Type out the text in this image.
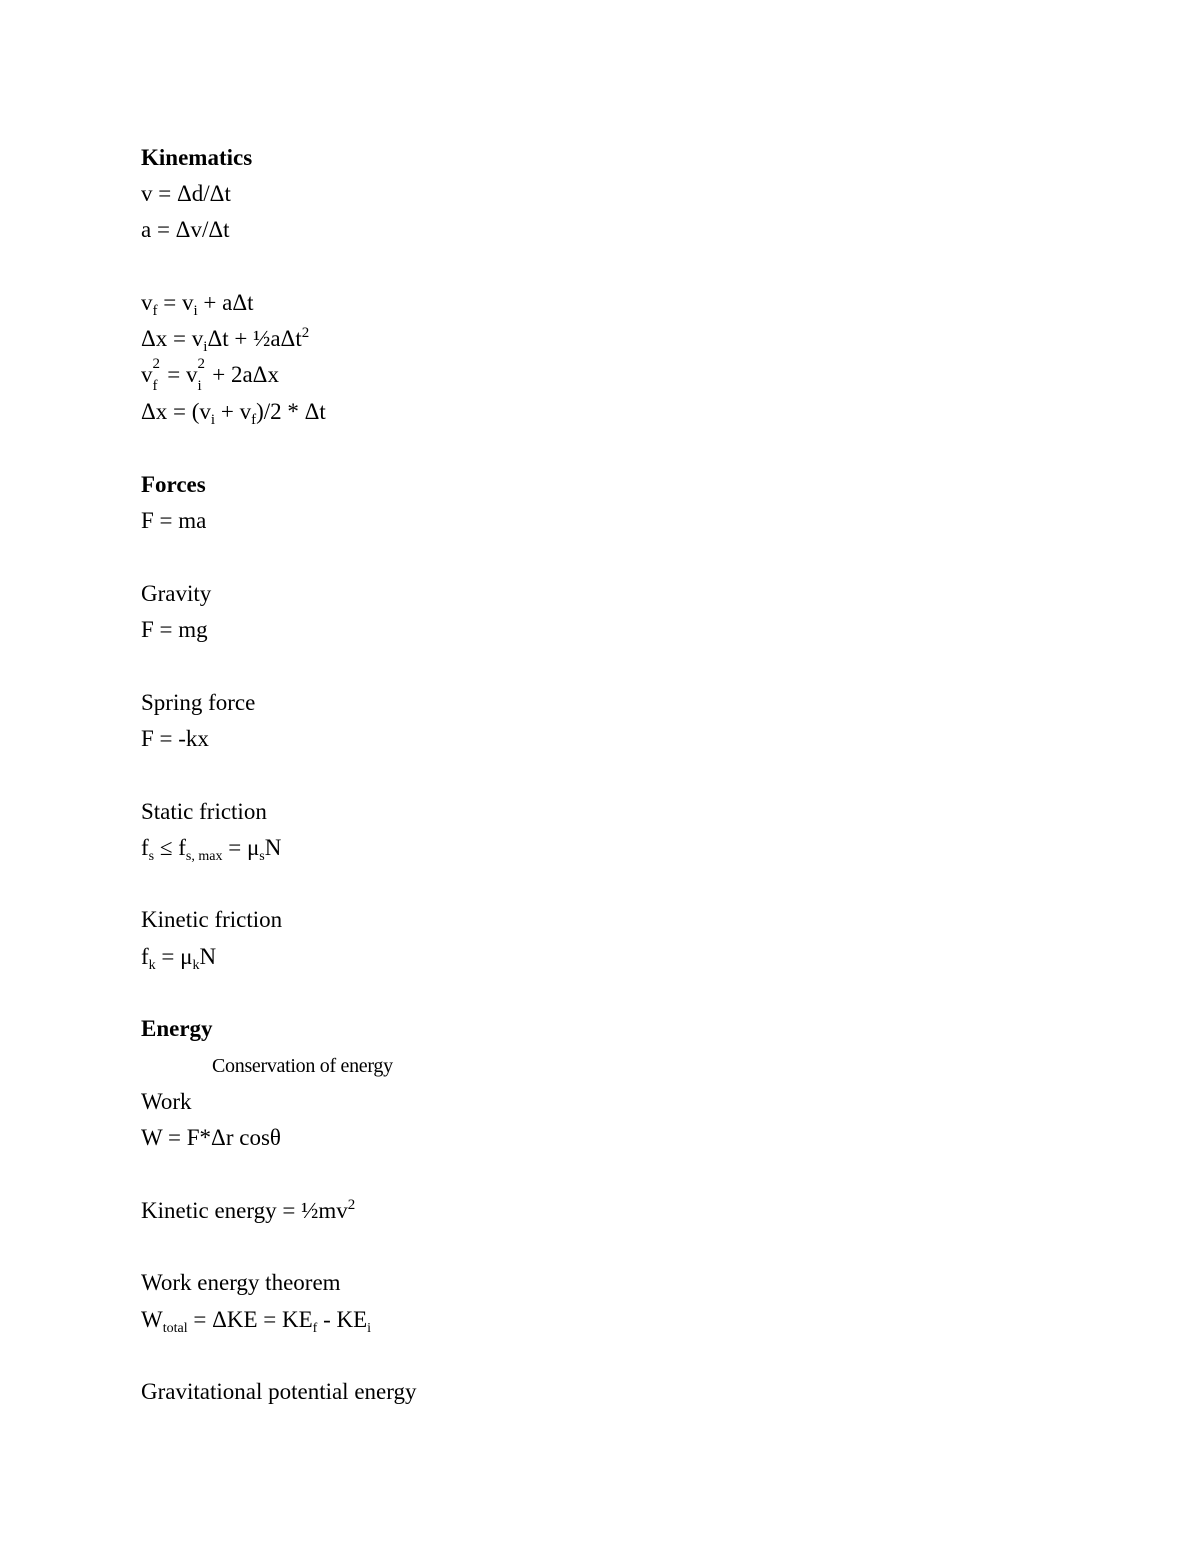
Kinematics
v = Δd/Δt
a = Δv/Δt
$v_f = v_i + a\Delta t$
$\Delta x = v_i\Delta t$ + ½aΔt$^2$
v 2
f = v 2
i + 2aΔx
$\Delta x = (v_i + v_f)/2 * \Delta t$
Forces
F = ma
Gravity
F = mg
Spring force
F = -kx
Static friction
$f_s \le f_{s, max} = \mu_sN$
Kinetic friction
$f_k = \mu_kN$
Energy
Conservation of energy
Work
W = F*Δr cosθ
Kinetic energy = $\frac{1}{2}mv^2$
Work energy theorem
$W_{total} = \Delta KE = KE_f - KE_i$
Gravitational potential energy
